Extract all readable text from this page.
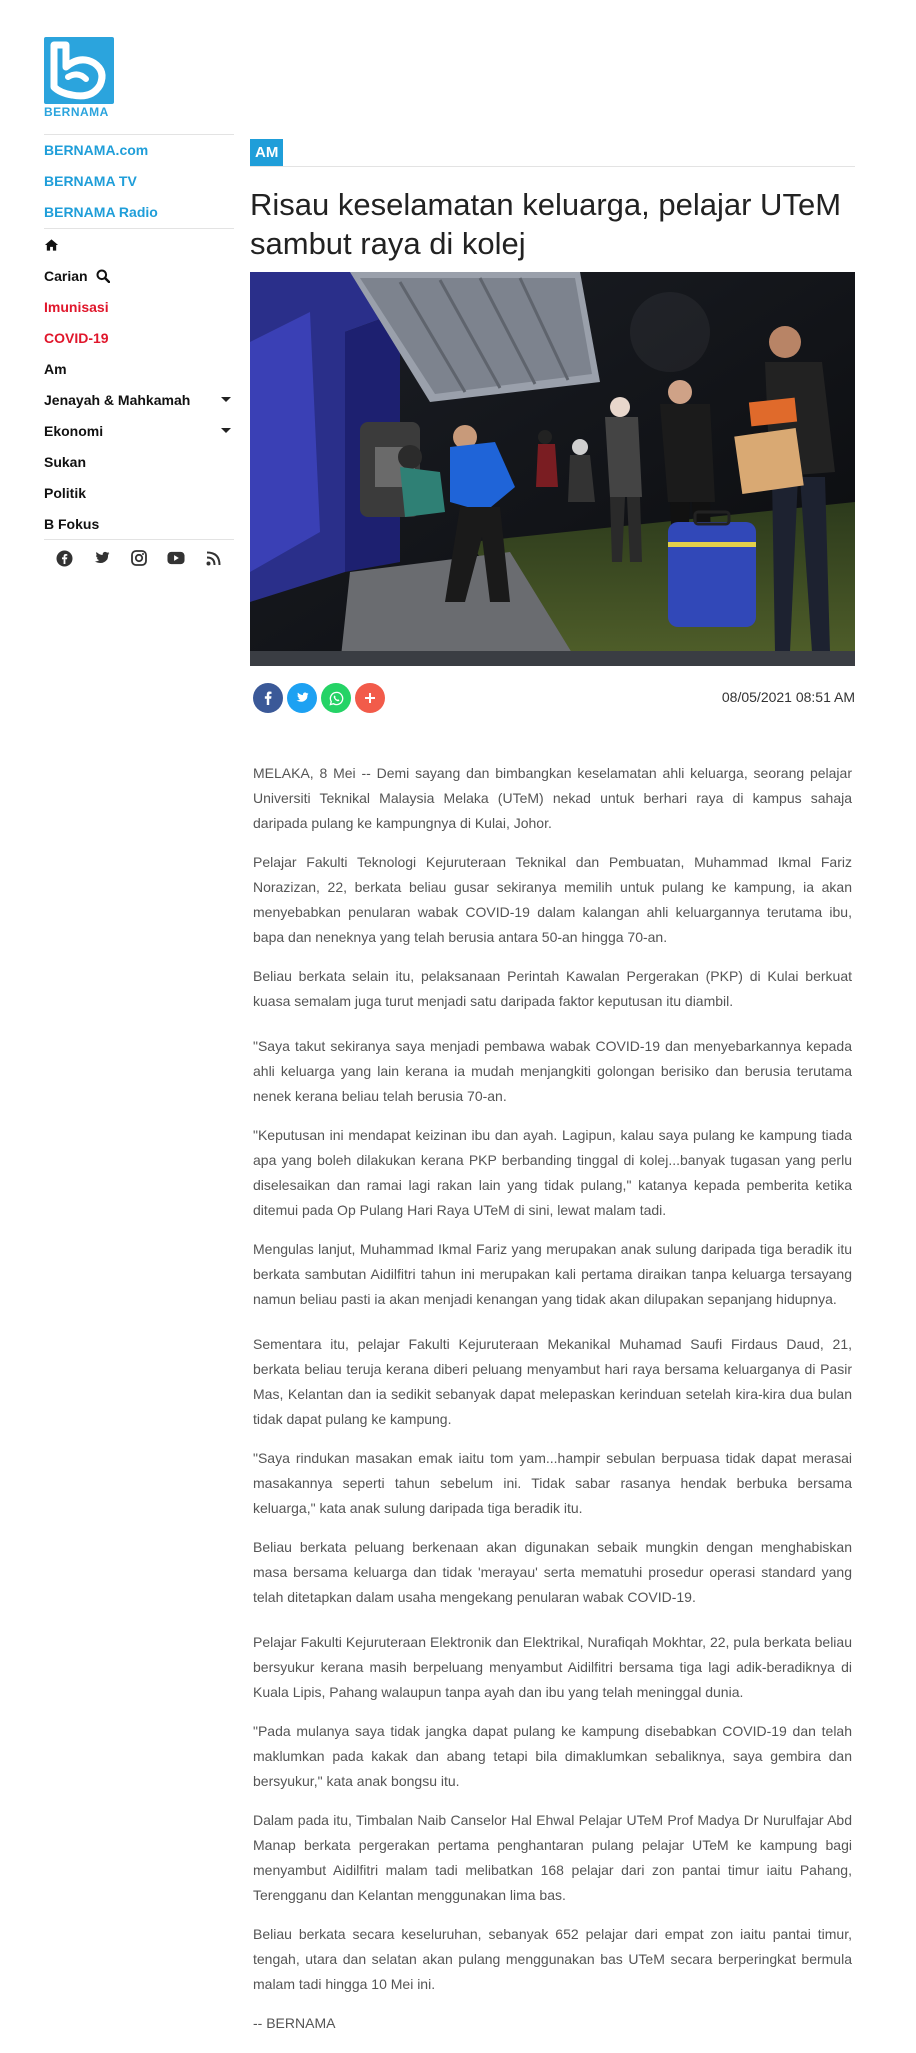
BERNAMA
BERNAMA.com
BERNAMA TV
BERNAMA Radio
Carian
Imunisasi
COVID-19
Am
Jenayah & Mahkamah
Ekonomi
Sukan
Politik
B Fokus
AM
Risau keselamatan keluarga, pelajar UTeM sambut raya di kolej
08/05/2021 08:51 AM

MELAKA, 8 Mei -- Demi sayang dan bimbangkan keselamatan ahli keluarga, seorang pelajar Universiti Teknikal Malaysia Melaka (UTeM) nekad untuk berhari raya di kampus sahaja daripada pulang ke kampungnya di Kulai, Johor.

Pelajar Fakulti Teknologi Kejuruteraan Teknikal dan Pembuatan, Muhammad Ikmal Fariz Norazizan, 22, berkata beliau gusar sekiranya memilih untuk pulang ke kampung, ia akan menyebabkan penularan wabak COVID-19 dalam kalangan ahli keluargannya terutama ibu, bapa dan neneknya yang telah berusia antara 50-an hingga 70-an.

Beliau berkata selain itu, pelaksanaan Perintah Kawalan Pergerakan (PKP) di Kulai berkuat kuasa semalam juga turut menjadi satu daripada faktor keputusan itu diambil.

"Saya takut sekiranya saya menjadi pembawa wabak COVID-19 dan menyebarkannya kepada ahli keluarga yang lain kerana ia mudah menjangkiti golongan berisiko dan berusia terutama nenek kerana beliau telah berusia 70-an.

"Keputusan ini mendapat keizinan ibu dan ayah. Lagipun, kalau saya pulang ke kampung tiada apa yang boleh dilakukan kerana PKP berbanding tinggal di kolej...banyak tugasan yang perlu diselesaikan dan ramai lagi rakan lain yang tidak pulang," katanya kepada pemberita ketika ditemui pada Op Pulang Hari Raya UTeM di sini, lewat malam tadi.

Mengulas lanjut, Muhammad Ikmal Fariz yang merupakan anak sulung daripada tiga beradik itu berkata sambutan Aidilfitri tahun ini merupakan kali pertama diraikan tanpa keluarga tersayang namun beliau pasti ia akan menjadi kenangan yang tidak akan dilupakan sepanjang hidupnya.

Sementara itu, pelajar Fakulti Kejuruteraan Mekanikal Muhamad Saufi Firdaus Daud, 21, berkata beliau teruja kerana diberi peluang menyambut hari raya bersama keluarganya di Pasir Mas, Kelantan dan ia sedikit sebanyak dapat melepaskan kerinduan setelah kira-kira dua bulan tidak dapat pulang ke kampung.

"Saya rindukan masakan emak iaitu tom yam...hampir sebulan berpuasa tidak dapat merasai masakannya seperti tahun sebelum ini. Tidak sabar rasanya hendak berbuka bersama keluarga," kata anak sulung daripada tiga beradik itu.

Beliau berkata peluang berkenaan akan digunakan sebaik mungkin dengan menghabiskan masa bersama keluarga dan tidak 'merayau' serta mematuhi prosedur operasi standard yang telah ditetapkan dalam usaha mengekang penularan wabak COVID-19.

Pelajar Fakulti Kejuruteraan Elektronik dan Elektrikal, Nurafiqah Mokhtar, 22, pula berkata beliau bersyukur kerana masih berpeluang menyambut Aidilfitri bersama tiga lagi adik-beradiknya di Kuala Lipis, Pahang walaupun tanpa ayah dan ibu yang telah meninggal dunia.

"Pada mulanya saya tidak jangka dapat pulang ke kampung disebabkan COVID-19 dan telah maklumkan pada kakak dan abang tetapi bila dimaklumkan sebaliknya, saya gembira dan bersyukur," kata anak bongsu itu.

Dalam pada itu, Timbalan Naib Canselor Hal Ehwal Pelajar UTeM Prof Madya Dr Nurulfajar Abd Manap berkata pergerakan pertama penghantaran pulang pelajar UTeM ke kampung bagi menyambut Aidilfitri malam tadi melibatkan 168 pelajar dari zon pantai timur iaitu Pahang, Terengganu dan Kelantan menggunakan lima bas.

Beliau berkata secara keseluruhan, sebanyak 652 pelajar dari empat zon iaitu pantai timur, tengah, utara dan selatan akan pulang menggunakan bas UTeM secara berperingkat bermula malam tadi hingga 10 Mei ini.

-- BERNAMA
